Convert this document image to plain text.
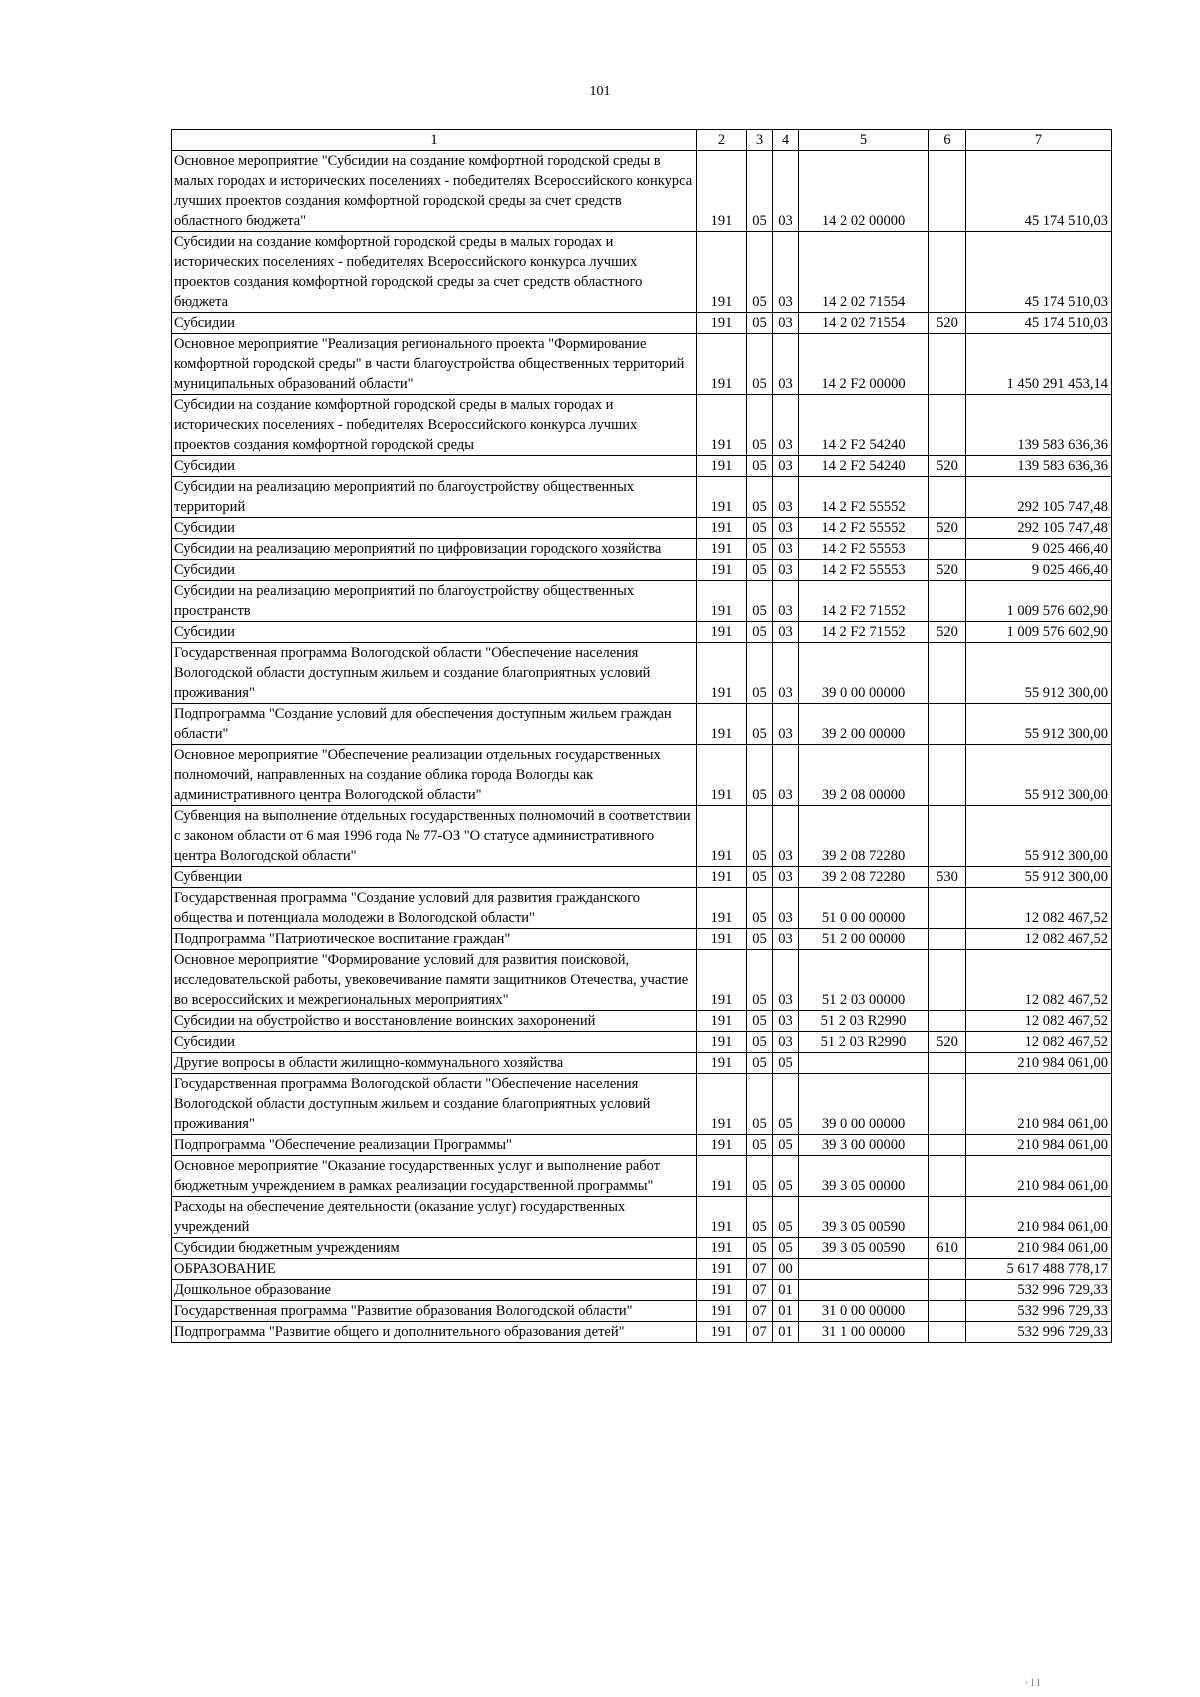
101
1	2	3	4	5	6	7
Основное мероприятие "Субсидии на создание комфортной городской среды в малых городах и исторических поселениях - победителях Всероссийского конкурса лучших проектов создания комфортной городской среды за счет средств областного бюджета"	191	05	03	14 2 02 00000		45 174 510,03
Субсидии на создание комфортной городской среды в малых городах и исторических поселениях - победителях Всероссийского конкурса лучших проектов создания комфортной городской среды за счет средств областного бюджета	191	05	03	14 2 02 71554		45 174 510,03
Субсидии	191	05	03	14 2 02 71554	520	45 174 510,03
Основное мероприятие "Реализация регионального проекта "Формирование комфортной городской среды" в части благоустройства общественных территорий муниципальных образований области"	191	05	03	14 2 F2 00000		1 450 291 453,14
Субсидии на создание комфортной городской среды в малых городах и исторических поселениях - победителях Всероссийского конкурса лучших проектов создания комфортной городской среды	191	05	03	14 2 F2 54240		139 583 636,36
Субсидии	191	05	03	14 2 F2 54240	520	139 583 636,36
Субсидии на реализацию мероприятий по благоустройству общественных территорий	191	05	03	14 2 F2 55552		292 105 747,48
Субсидии	191	05	03	14 2 F2 55552	520	292 105 747,48
Субсидии на реализацию мероприятий по цифровизации городского хозяйства	191	05	03	14 2 F2 55553		9 025 466,40
Субсидии	191	05	03	14 2 F2 55553	520	9 025 466,40
Субсидии на реализацию мероприятий по благоустройству общественных пространств	191	05	03	14 2 F2 71552		1 009 576 602,90
Субсидии	191	05	03	14 2 F2 71552	520	1 009 576 602,90
Государственная программа Вологодской области "Обеспечение населения Вологодской области доступным жильем и создание благоприятных условий проживания"	191	05	03	39 0 00 00000		55 912 300,00
Подпрограмма "Создание условий для обеспечения доступным жильем граждан области"	191	05	03	39 2 00 00000		55 912 300,00
Основное мероприятие "Обеспечение реализации отдельных государственных полномочий, направленных на создание облика города Вологды как административного центра Вологодской области"	191	05	03	39 2 08 00000		55 912 300,00
Субвенция на выполнение отдельных государственных полномочий в соответствии с законом области от 6 мая 1996 года № 77-ОЗ "О статусе административного центра Вологодской области"	191	05	03	39 2 08 72280		55 912 300,00
Субвенции	191	05	03	39 2 08 72280	530	55 912 300,00
Государственная программа "Создание условий для развития гражданского общества и потенциала молодежи в Вологодской области"	191	05	03	51 0 00 00000		12 082 467,52
Подпрограмма "Патриотическое воспитание граждан"	191	05	03	51 2 00 00000		12 082 467,52
Основное мероприятие "Формирование условий для развития поисковой, исследовательской работы, увековечивание памяти защитников Отечества, участие во всероссийских и межрегиональных мероприятиях"	191	05	03	51 2 03 00000		12 082 467,52
Субсидии на обустройство и восстановление воинских захоронений	191	05	03	51 2 03 R2990		12 082 467,52
Субсидии	191	05	03	51 2 03 R2990	520	12 082 467,52
Другие вопросы в области жилищно-коммунального хозяйства	191	05	05			210 984 061,00
Государственная программа Вологодской области "Обеспечение населения Вологодской области доступным жильем и создание благоприятных условий проживания"	191	05	05	39 0 00 00000		210 984 061,00
Подпрограмма "Обеспечение реализации Программы"	191	05	05	39 3 00 00000		210 984 061,00
Основное мероприятие "Оказание государственных услуг и выполнение работ бюджетным учреждением в рамках реализации государственной программы"	191	05	05	39 3 05 00000		210 984 061,00
Расходы на обеспечение деятельности (оказание услуг) государственных учреждений	191	05	05	39 3 05 00590		210 984 061,00
Субсидии бюджетным учреждениям	191	05	05	39 3 05 00590	610	210 984 061,00
ОБРАЗОВАНИЕ	191	07	00			5 617 488 778,17
Дошкольное образование	191	07	01			532 996 729,33
Государственная программа "Развитие образования Вологодской области"	191	07	01	31 0 00 00000		532 996 729,33
Подпрограмма "Развитие общего и дополнительного образования детей"	191	07	01	31 1 00 00000		532 996 729,33
· l l
